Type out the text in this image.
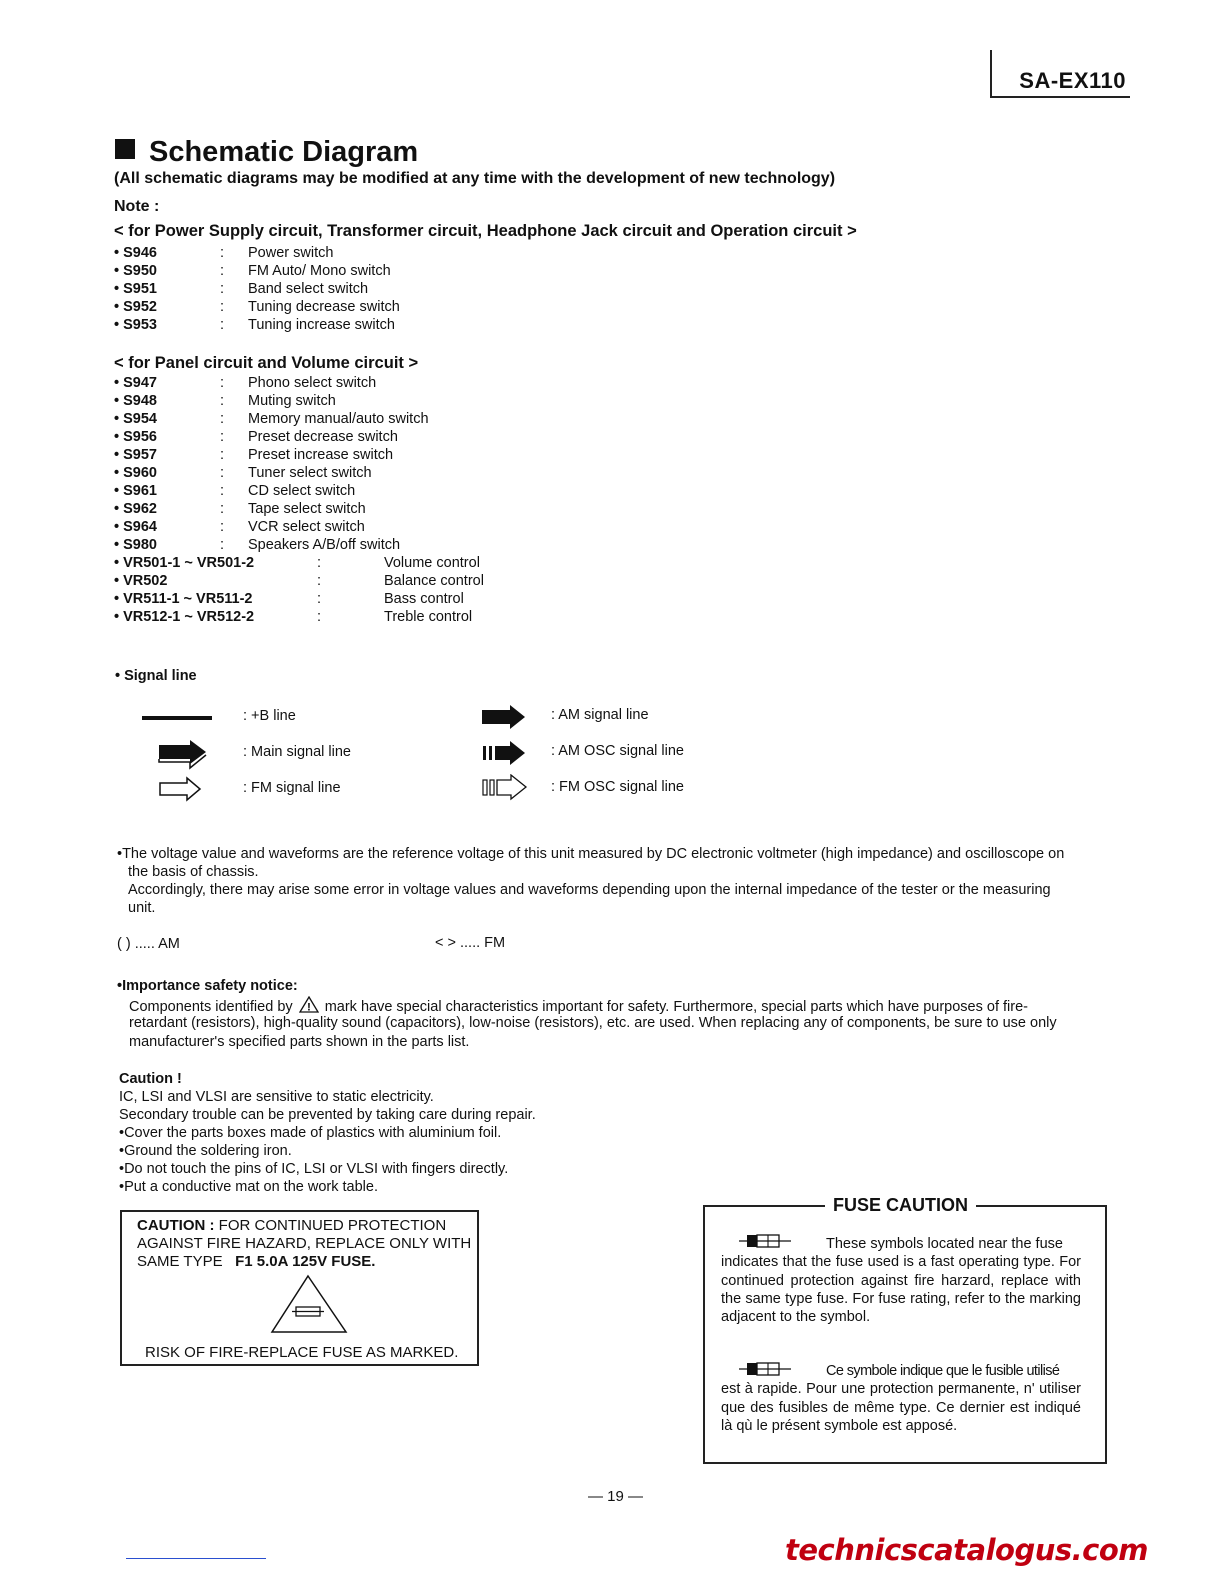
SA-EX110
Schematic Diagram
(All schematic diagrams may be modified at any time with the development of new technology)
Note :
< for Power Supply circuit, Transformer circuit, Headphone Jack circuit and Operation circuit >
• S946	: Power switch
• S950	: FM Auto/ Mono switch
• S951	: Band select switch
• S952	: Tuning decrease switch
• S953	: Tuning increase switch
< for Panel circuit and Volume circuit >
• S947	: Phono select switch
• S948	: Muting switch
• S954	: Memory manual/auto switch
• S956	: Preset decrease switch
• S957	: Preset increase switch
• S960	: Tuner select switch
• S961	: CD select switch
• S962	: Tape select switch
• S964	: VCR select switch
• S980	: Speakers A/B/off switch
• VR501-1 ~ VR501-2	:	Volume control
• VR502	:	Balance control
• VR511-1 ~ VR511-2	:	Bass control
• VR512-1 ~ VR512-2	:	Treble control
• Signal line
: +B line
: Main signal line
: FM signal line
: AM signal line
: AM OSC signal line
: FM OSC signal line
•The voltage value and waveforms are the reference voltage of this unit measured by DC electronic voltmeter (high impedance) and oscilloscope on
the basis of chassis.
Accordingly, there may arise some error in voltage values and waveforms depending upon the internal impedance of the tester or the measuring
unit.
( ) ..... AM	< > ..... FM
•Importance safety notice:
Components identified by ! mark have special characteristics important for safety. Furthermore, special parts which have purposes of fire-
retardant (resistors), high-quality sound (capacitors), low-noise (resistors), etc. are used. When replacing any of components, be sure to use only
manufacturer's specified parts shown in the parts list.
Caution !
IC, LSI and VLSI are sensitive to static electricity.
Secondary trouble can be prevented by taking care during repair.
•Cover the parts boxes made of plastics with aluminium foil.
•Ground the soldering iron.
•Do not touch the pins of IC, LSI or VLSI with fingers directly.
•Put a conductive mat on the work table.
CAUTION : FOR CONTINUED PROTECTION
AGAINST FIRE HAZARD, REPLACE ONLY WITH
SAME TYPE F1 5.0A 125V FUSE.
RISK OF FIRE-REPLACE FUSE AS MARKED.
FUSE CAUTION
These symbols located near the fuse
indicates that the fuse used is a fast operating type. For continued protection against fire harzard, replace with the same type fuse. For fuse rating, refer to the marking adjacent to the symbol.
Ce symbole indique que le fusible utilisé
est à rapide. Pour une protection permanente, n' utiliser que des fusibles de même type. Ce dernier est indiqué là qù le présent symbole est apposé.
— 19 —
technicscatalogus.com
